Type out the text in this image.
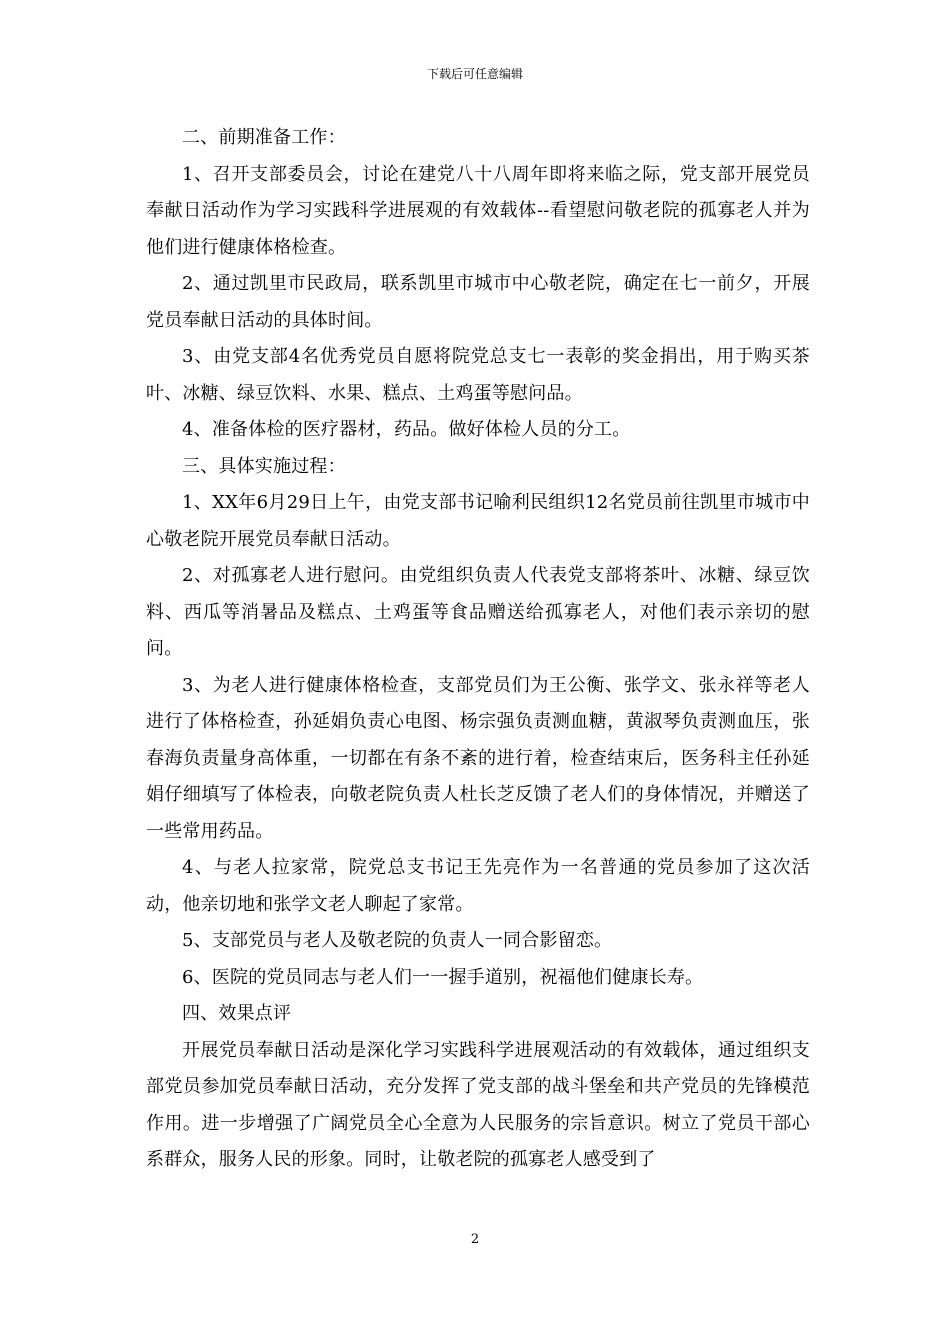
下载后可任意编辑

二、前期准备工作：

1、召开支部委员会，讨论在建党八十八周年即将来临之际，党支部开展党员奉献日活动作为学习实践科学进展观的有效载体--看望慰问敬老院的孤寡老人并为他们进行健康体格检查。

2、通过凯里市民政局，联系凯里市城市中心敬老院，确定在七一前夕，开展党员奉献日活动的具体时间。

3、由党支部4名优秀党员自愿将院党总支七一表彰的奖金捐出，用于购买茶叶、冰糖、绿豆饮料、水果、糕点、土鸡蛋等慰问品。

4、准备体检的医疗器材，药品。做好体检人员的分工。

三、具体实施过程：

1、XX年6月29日上午，由党支部书记喻利民组织12名党员前往凯里市城市中心敬老院开展党员奉献日活动。

2、对孤寡老人进行慰问。由党组织负责人代表党支部将茶叶、冰糖、绿豆饮料、西瓜等消暑品及糕点、土鸡蛋等食品赠送给孤寡老人，对他们表示亲切的慰问。

3、为老人进行健康体格检查，支部党员们为王公衡、张学文、张永祥等老人进行了体格检查，孙延娟负责心电图、杨宗强负责测血糖，黄淑琴负责测血压，张春海负责量身高体重，一切都在有条不紊的进行着，检查结束后，医务科主任孙延娟仔细填写了体检表，向敬老院负责人杜长芝反馈了老人们的身体情况，并赠送了一些常用药品。

4、与老人拉家常，院党总支书记王先亮作为一名普通的党员参加了这次活动，他亲切地和张学文老人聊起了家常。

5、支部党员与老人及敬老院的负责人一同合影留恋。

6、医院的党员同志与老人们一一握手道别，祝福他们健康长寿。

四、效果点评

开展党员奉献日活动是深化学习实践科学进展观活动的有效载体，通过组织支部党员参加党员奉献日活动，充分发挥了党支部的战斗堡垒和共产党员的先锋模范作用。进一步增强了广阔党员全心全意为人民服务的宗旨意识。树立了党员干部心系群众，服务人民的形象。同时，让敬老院的孤寡老人感受到了

2
